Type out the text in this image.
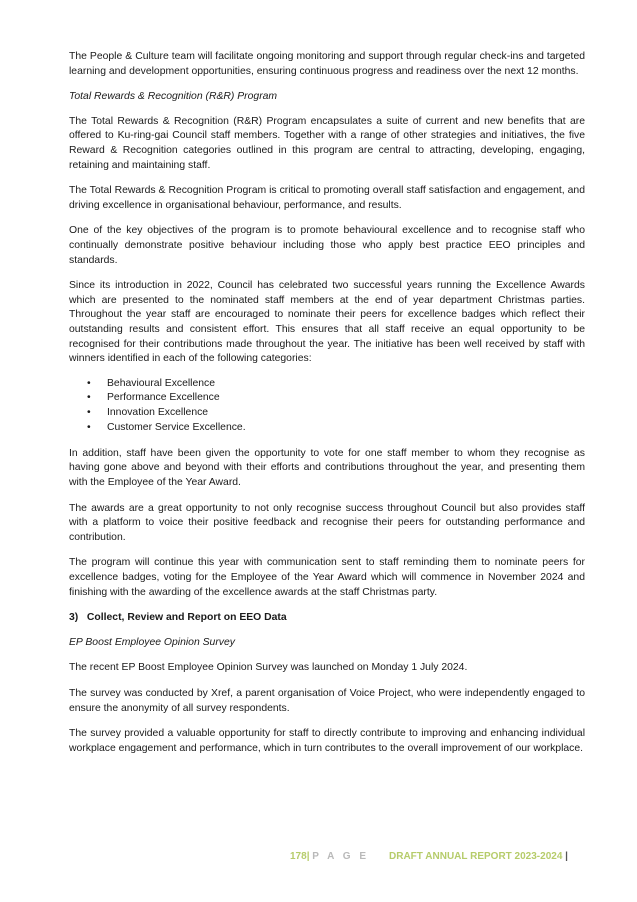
The People & Culture team will facilitate ongoing monitoring and support through regular check-ins and targeted learning and development opportunities, ensuring continuous progress and readiness over the next 12 months.

Total Rewards & Recognition (R&R) Program

The Total Rewards & Recognition (R&R) Program encapsulates a suite of current and new benefits that are offered to Ku-ring-gai Council staff members. Together with a range of other strategies and initiatives, the five Reward & Recognition categories outlined in this program are central to attracting, developing, engaging, retaining and maintaining staff.

The Total Rewards & Recognition Program is critical to promoting overall staff satisfaction and engagement, and driving excellence in organisational behaviour, performance, and results.

One of the key objectives of the program is to promote behavioural excellence and to recognise staff who continually demonstrate positive behaviour including those who apply best practice EEO principles and standards.

Since its introduction in 2022, Council has celebrated two successful years running the Excellence Awards which are presented to the nominated staff members at the end of year department Christmas parties. Throughout the year staff are encouraged to nominate their peers for excellence badges which reflect their outstanding results and consistent effort. This ensures that all staff receive an equal opportunity to be recognised for their contributions made throughout the year. The initiative has been well received by staff with winners identified in each of the following categories:

• Behavioural Excellence
• Performance Excellence
• Innovation Excellence
• Customer Service Excellence.

In addition, staff have been given the opportunity to vote for one staff member to whom they recognise as having gone above and beyond with their efforts and contributions throughout the year, and presenting them with the Employee of the Year Award.

The awards are a great opportunity to not only recognise success throughout Council but also provides staff with a platform to voice their positive feedback and recognise their peers for outstanding performance and contribution.

The program will continue this year with communication sent to staff reminding them to nominate peers for excellence badges, voting for the Employee of the Year Award which will commence in November 2024 and finishing with the awarding of the excellence awards at the staff Christmas party.

3)   Collect, Review and Report on EEO Data

EP Boost Employee Opinion Survey

The recent EP Boost Employee Opinion Survey was launched on Monday 1 July 2024.

The survey was conducted by Xref, a parent organisation of Voice Project, who were independently engaged to ensure the anonymity of all survey respondents.

The survey provided a valuable opportunity for staff to directly contribute to improving and enhancing individual workplace engagement and performance, which in turn contributes to the overall improvement of our workplace.

178| P A G E DRAFT ANNUAL REPORT 2023-2024 |
